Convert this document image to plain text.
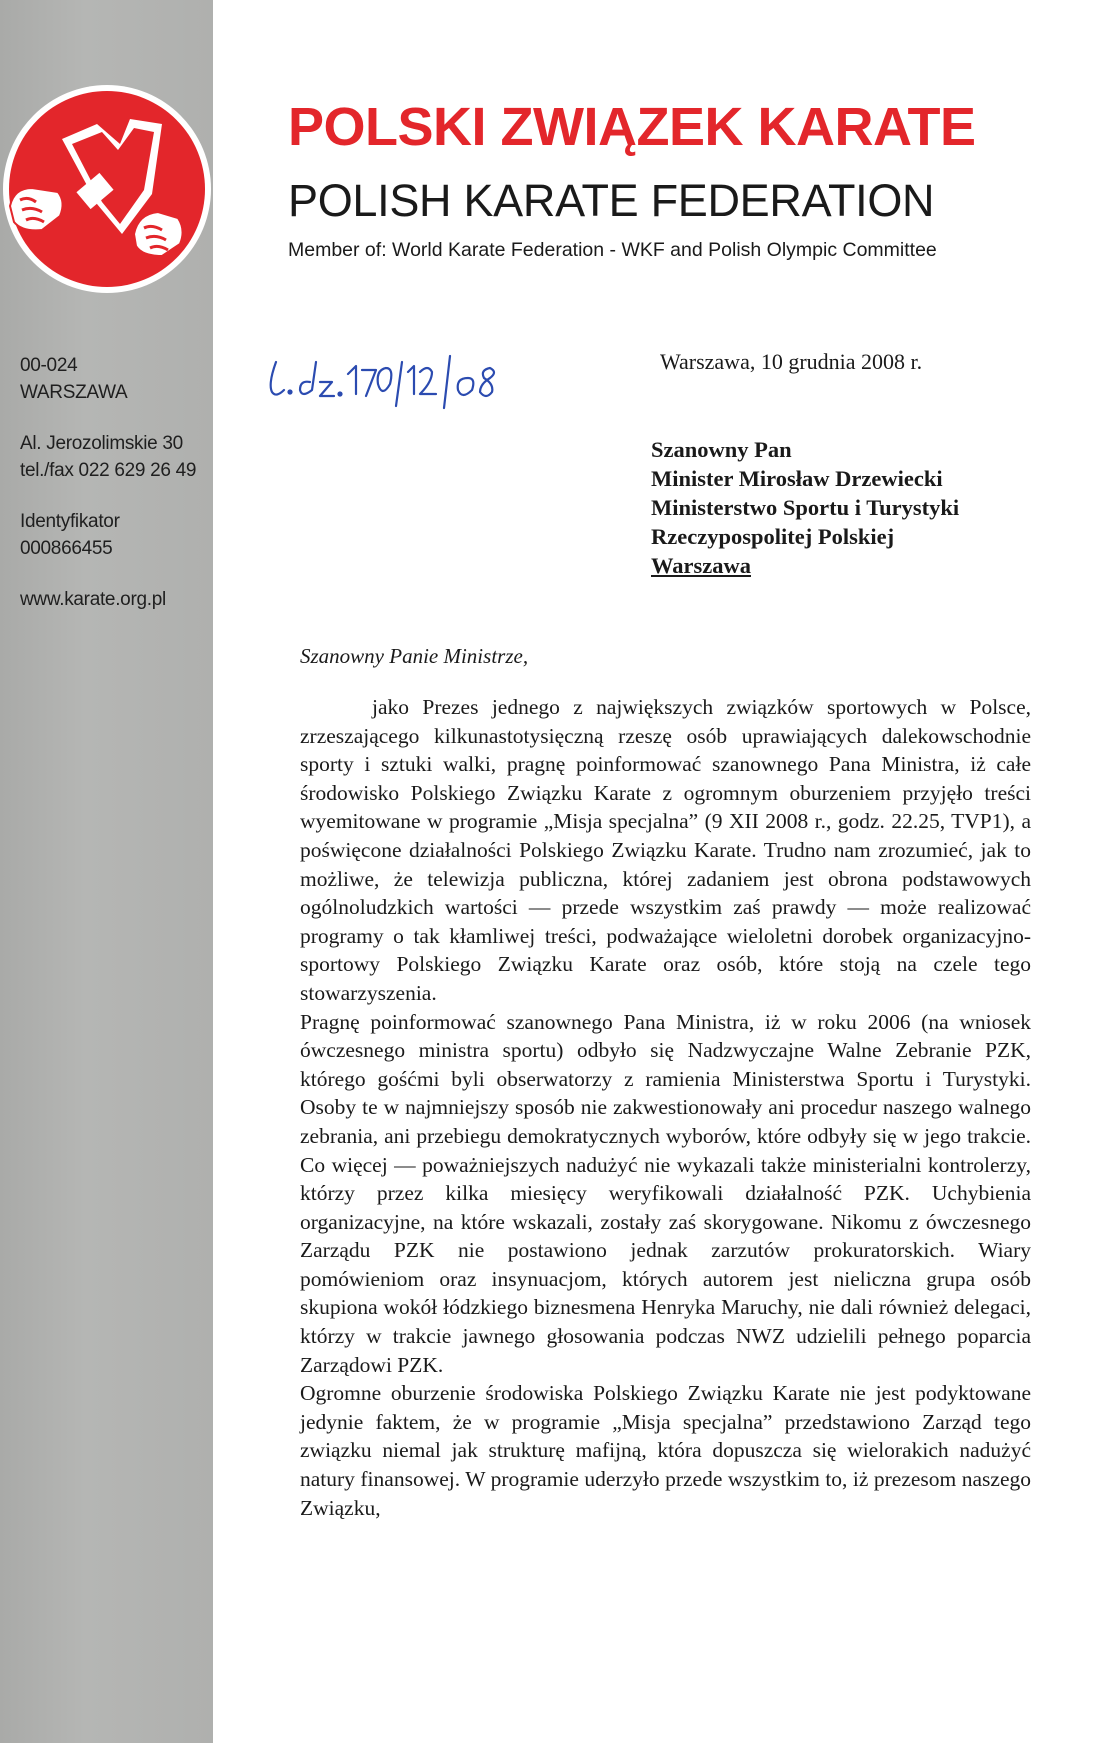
00-024
WARSZAWA
Al. Jerozolimskie 30
tel./fax 022 629 26 49
Identyfikator
000866455
www.karate.org.pl
POLSKI ZWIĄZEK KARATE
POLISH KARATE FEDERATION
Member of: World Karate Federation - WKF and Polish Olympic Committee
Warszawa, 10 grudnia 2008 r.
Szanowny Pan
Minister Mirosław Drzewiecki
Ministerstwo Sportu i Turystyki
Rzeczypospolitej Polskiej
Warszawa
Szanowny Panie Ministrze,

jako Prezes jednego z największych związków sportowych w Polsce, zrzeszającego kilkunastotysięczną rzeszę osób uprawiających dalekowschodnie sporty i sztuki walki, pragnę poinformować szanownego Pana Ministra, iż całe środowisko Polskiego Związku Karate z ogromnym oburzeniem przyjęło treści wyemitowane w programie „Misja specjalna” (9 XII 2008 r., godz. 22.25, TVP1), a poświęcone działalności Polskiego Związku Karate. Trudno nam zrozumieć, jak to możliwe, że telewizja publiczna, której zadaniem jest obrona podstawowych ogólnoludzkich wartości — przede wszystkim zaś prawdy — może realizować programy o tak kłamliwej treści, podważające wieloletni dorobek organizacyjno-sportowy Polskiego Związku Karate oraz osób, które stoją na czele tego stowarzyszenia.

Pragnę poinformować szanownego Pana Ministra, iż w roku 2006 (na wniosek ówczesnego ministra sportu) odbyło się Nadzwyczajne Walne Zebranie PZK, którego gośćmi byli obserwatorzy z ramienia Ministerstwa Sportu i Turystyki. Osoby te w najmniejszy sposób nie zakwestionowały ani procedur naszego walnego zebrania, ani przebiegu demokratycznych wyborów, które odbyły się w jego trakcie. Co więcej — poważniejszych nadużyć nie wykazali także ministerialni kontrolerzy, którzy przez kilka miesięcy weryfikowali działalność PZK. Uchybienia organizacyjne, na które wskazali, zostały zaś skorygowane. Nikomu z ówczesnego Zarządu PZK nie postawiono jednak zarzutów prokuratorskich. Wiary pomówieniom oraz insynuacjom, których autorem jest nieliczna grupa osób skupiona wokół łódzkiego biznesmena Henryka Maruchy, nie dali również delegaci, którzy w trakcie jawnego głosowania podczas NWZ udzielili pełnego poparcia Zarządowi PZK.

Ogromne oburzenie środowiska Polskiego Związku Karate nie jest podyktowane jedynie faktem, że w programie „Misja specjalna” przedstawiono Zarząd tego związku niemal jak strukturę mafijną, która dopuszcza się wielorakich nadużyć natury finansowej. W programie uderzyło przede wszystkim to, iż prezesom naszego Związku,
